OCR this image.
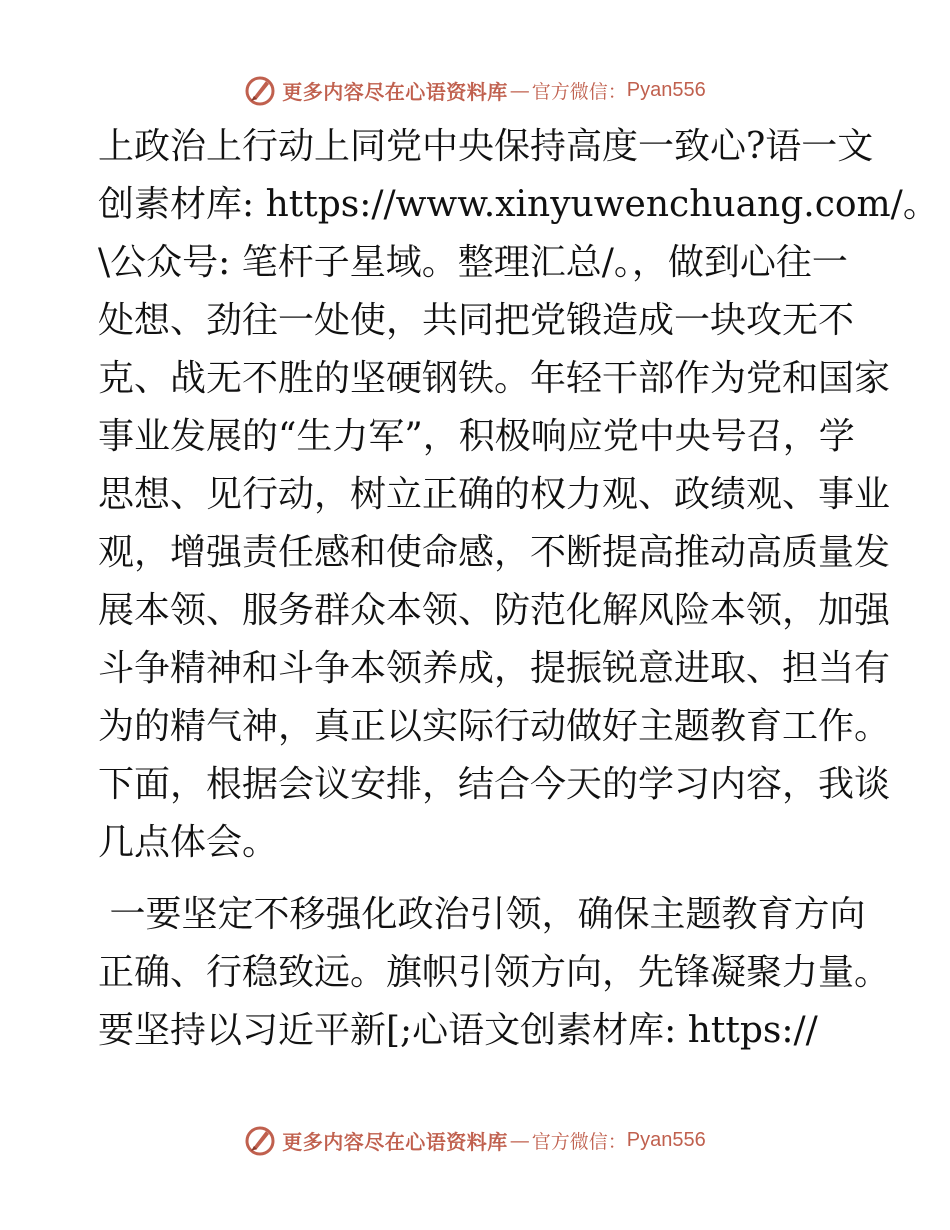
更多内容尽在心语资料库 — 官方微信： Pyan556
上政治上行动上同党中央保持高度一致心?语一文
创素材库: https://www.xinyuwenchuang.com/。
\公众号: 笔杆子星域。整理汇总/。，做到心往一
处想、劲往一处使，共同把党锻造成一块攻无不
克、战无不胜的坚硬钢铁。年轻干部作为党和国家
事业发展的“生力军”，积极响应党中央号召，学
思想、见行动，树立正确的权力观、政绩观、事业
观，增强责任感和使命感，不断提高推动高质量发
展本领、服务群众本领、防范化解风险本领，加强
斗争精神和斗争本领养成，提振锐意进取、担当有
为的精气神，真正以实际行动做好主题教育工作。
下面，根据会议安排，结合今天的学习内容，我谈
几点体会。
一要坚定不移强化政治引领，确保主题教育方向
正确、行稳致远。旗帜引领方向，先锋凝聚力量。
要坚持以习近平新[;心语文创素材库: https://
更多内容尽在心语资料库 — 官方微信： Pyan556
